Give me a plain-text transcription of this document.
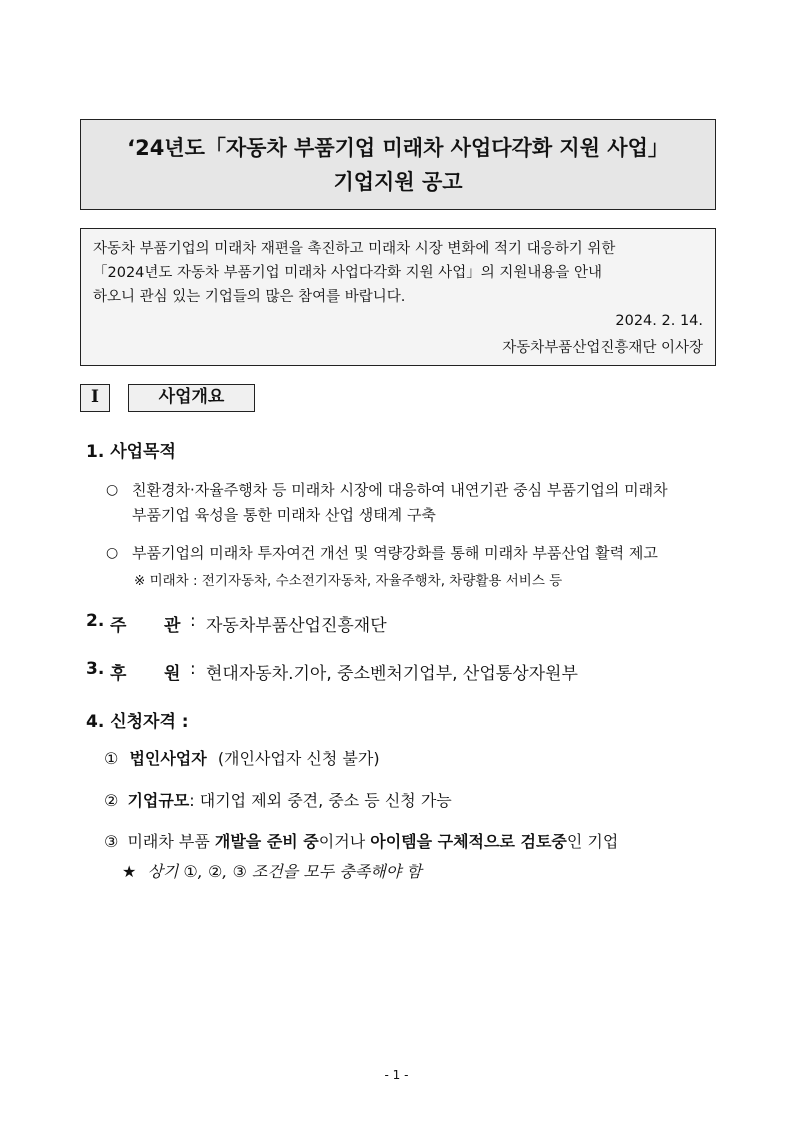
‘24년도「자동차 부품기업 미래차 사업다각화 지원 사업」
기업지원 공고
자동차 부품기업의 미래차 재편을 촉진하고 미래차 시장 변화에 적기 대응하기 위한
「2024년도 자동차 부품기업 미래차 사업다각화 지원 사업」의 지원내용을 안내
하오니 관심 있는 기업들의 많은 참여를 바랍니다.
2024. 2. 14.
자동차부품산업진흥재단 이사장
I	사업개요
1. 사업목적
○ 친환경차·자율주행차 등 미래차 시장에 대응하여 내연기관 중심 부품기업의 미래차
부품기업 육성을 통한 미래차 산업 생태계 구축
○ 부품기업의 미래차 투자여건 개선 및 역량강화를 통해 미래차 부품산업 활력 제고
※ 미래차 : 전기자동차, 수소전기자동차, 자율주행차, 차량활용 서비스 등
2. 주 관 : 자동차부품산업진흥재단
3. 후 원 : 현대자동차.기아, 중소벤처기업부, 산업통상자원부
4. 신청자격 :
① 법인사업자 (개인사업자 신청 불가)
② 기업규모: 대기업 제외 중견, 중소 등 신청 가능
③ 미래차 부품 개발을 준비 중이거나 아이템을 구체적으로 검토중인 기업
★ 상기 ①, ②, ③ 조건을 모두 충족해야 함
- 1 -
